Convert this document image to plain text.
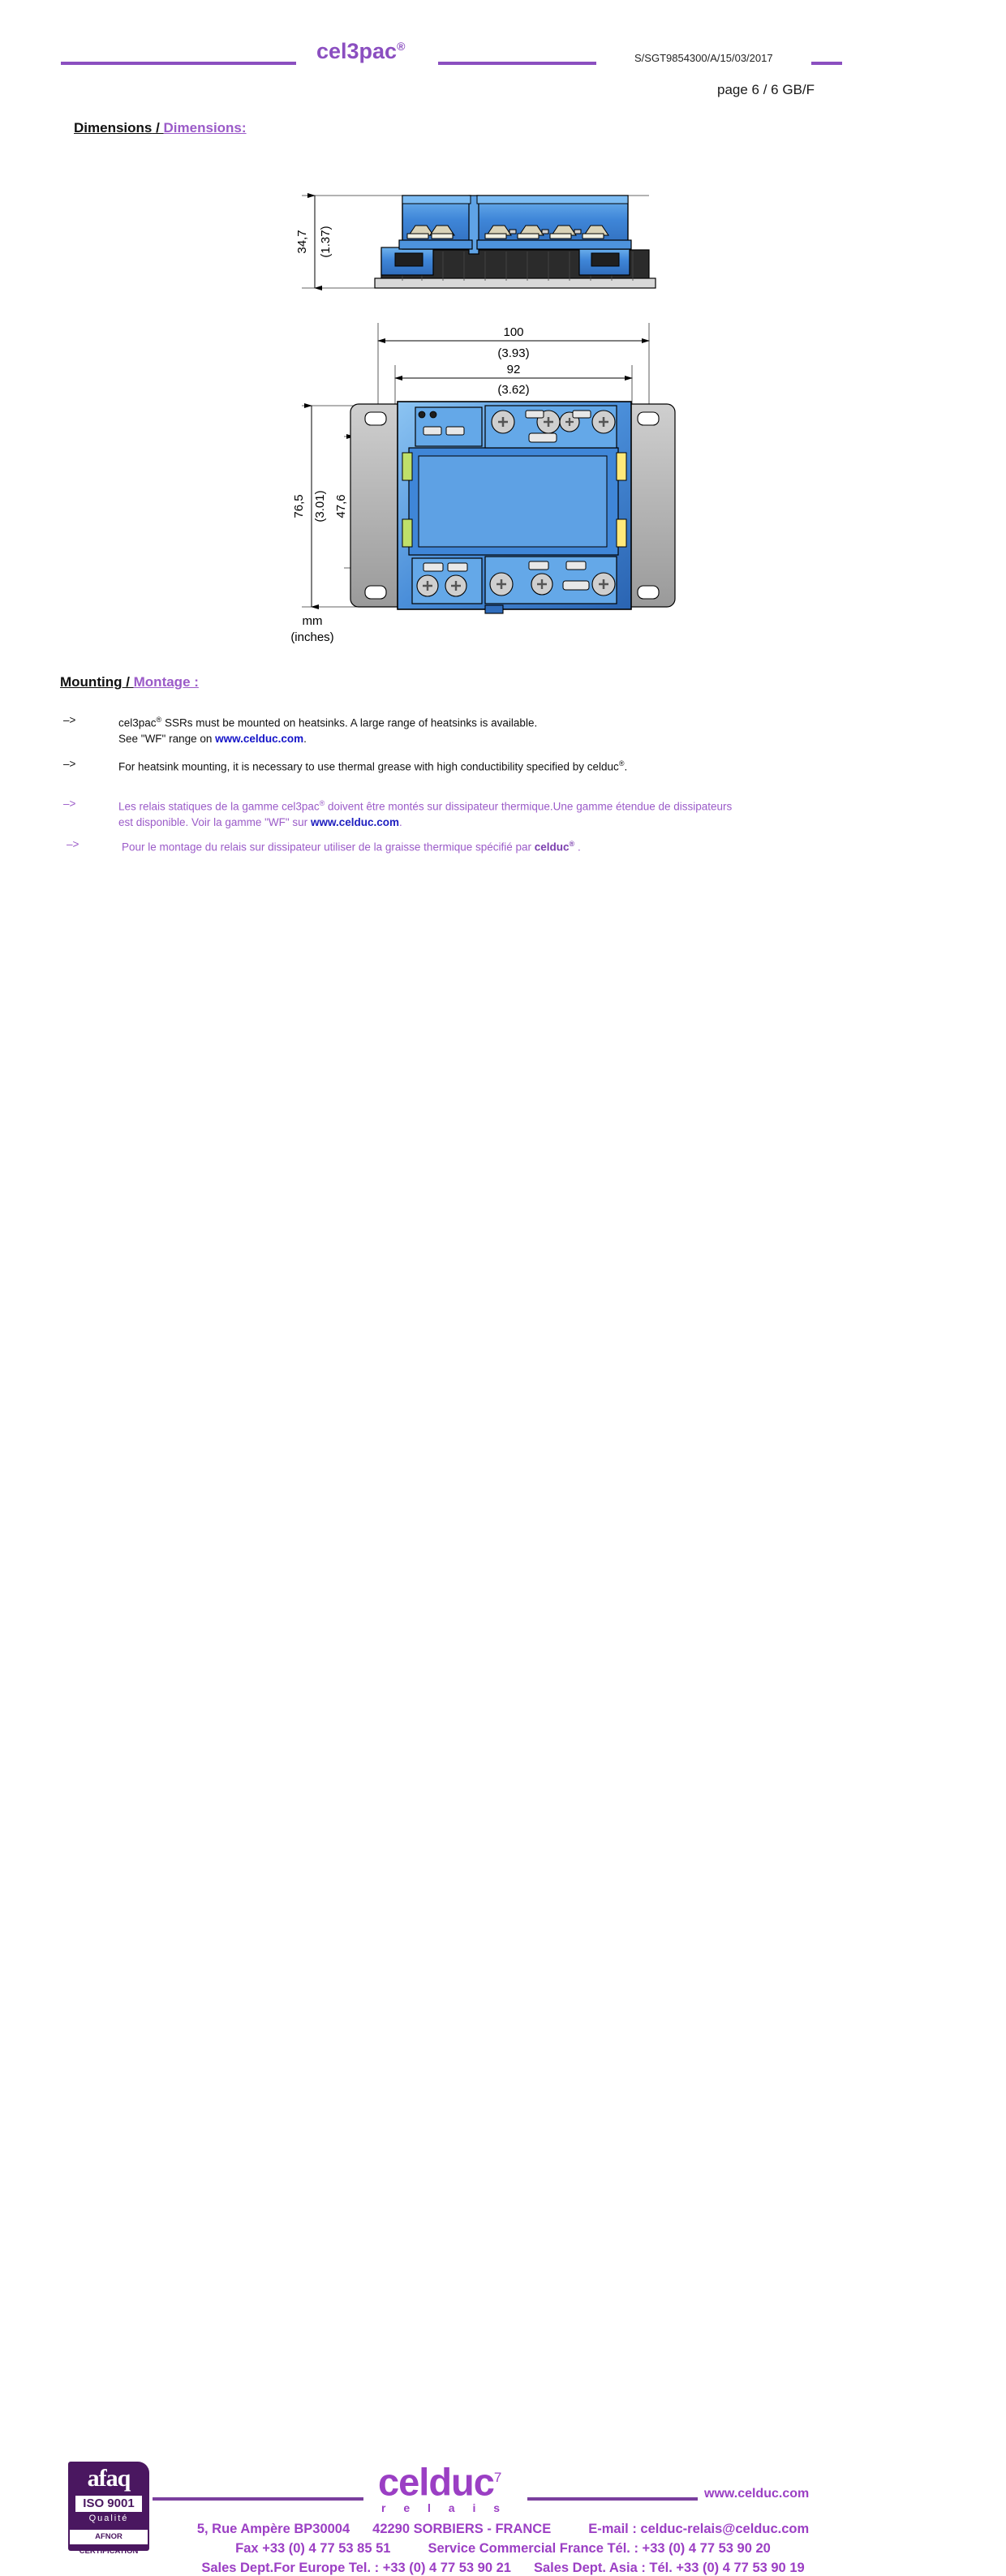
cel3pac®
S/SGT9854300/A/15/03/2017
page 6 / 6 GB/F
Dimensions / Dimensions:
34,7 (1.37)
100
(3.93)
92
(3.62)
76,5 (3.01) 47,6
mm
(inches)
Mounting / Montage :
–>	cel3pac® SSRs must be mounted on heatsinks. A large range of heatsinks is available.
See "WF" range on www.celduc.com.
–>	For heatsink mounting, it is necessary to use thermal grease with high conductibility specified by celduc®.
–>	Les relais statiques de la gamme cel3pac® doivent être montés sur dissipateur thermique.Une gamme étendue de dissipateurs
est disponible. Voir la gamme "WF" sur www.celduc.com.
–>	Pour le montage du relais sur dissipateur utiliser de la graisse thermique spécifié par celduc® .
afaq
ISO 9001
Qualité
AFNOR CERTIFICATION
celduc$^7$
r e l a i s
www.celduc.com
5, Rue Ampère BP30004 42290 SORBIERS - FRANCE	E-mail : celduc-relais@celduc.com
Fax +33 (0) 4 77 53 85 51	Service Commercial France Tél. : +33 (0) 4 77 53 90 20
Sales Dept.For Europe Tel. : +33 (0) 4 77 53 90 21 Sales Dept. Asia : Tél. +33 (0) 4 77 53 90 19
